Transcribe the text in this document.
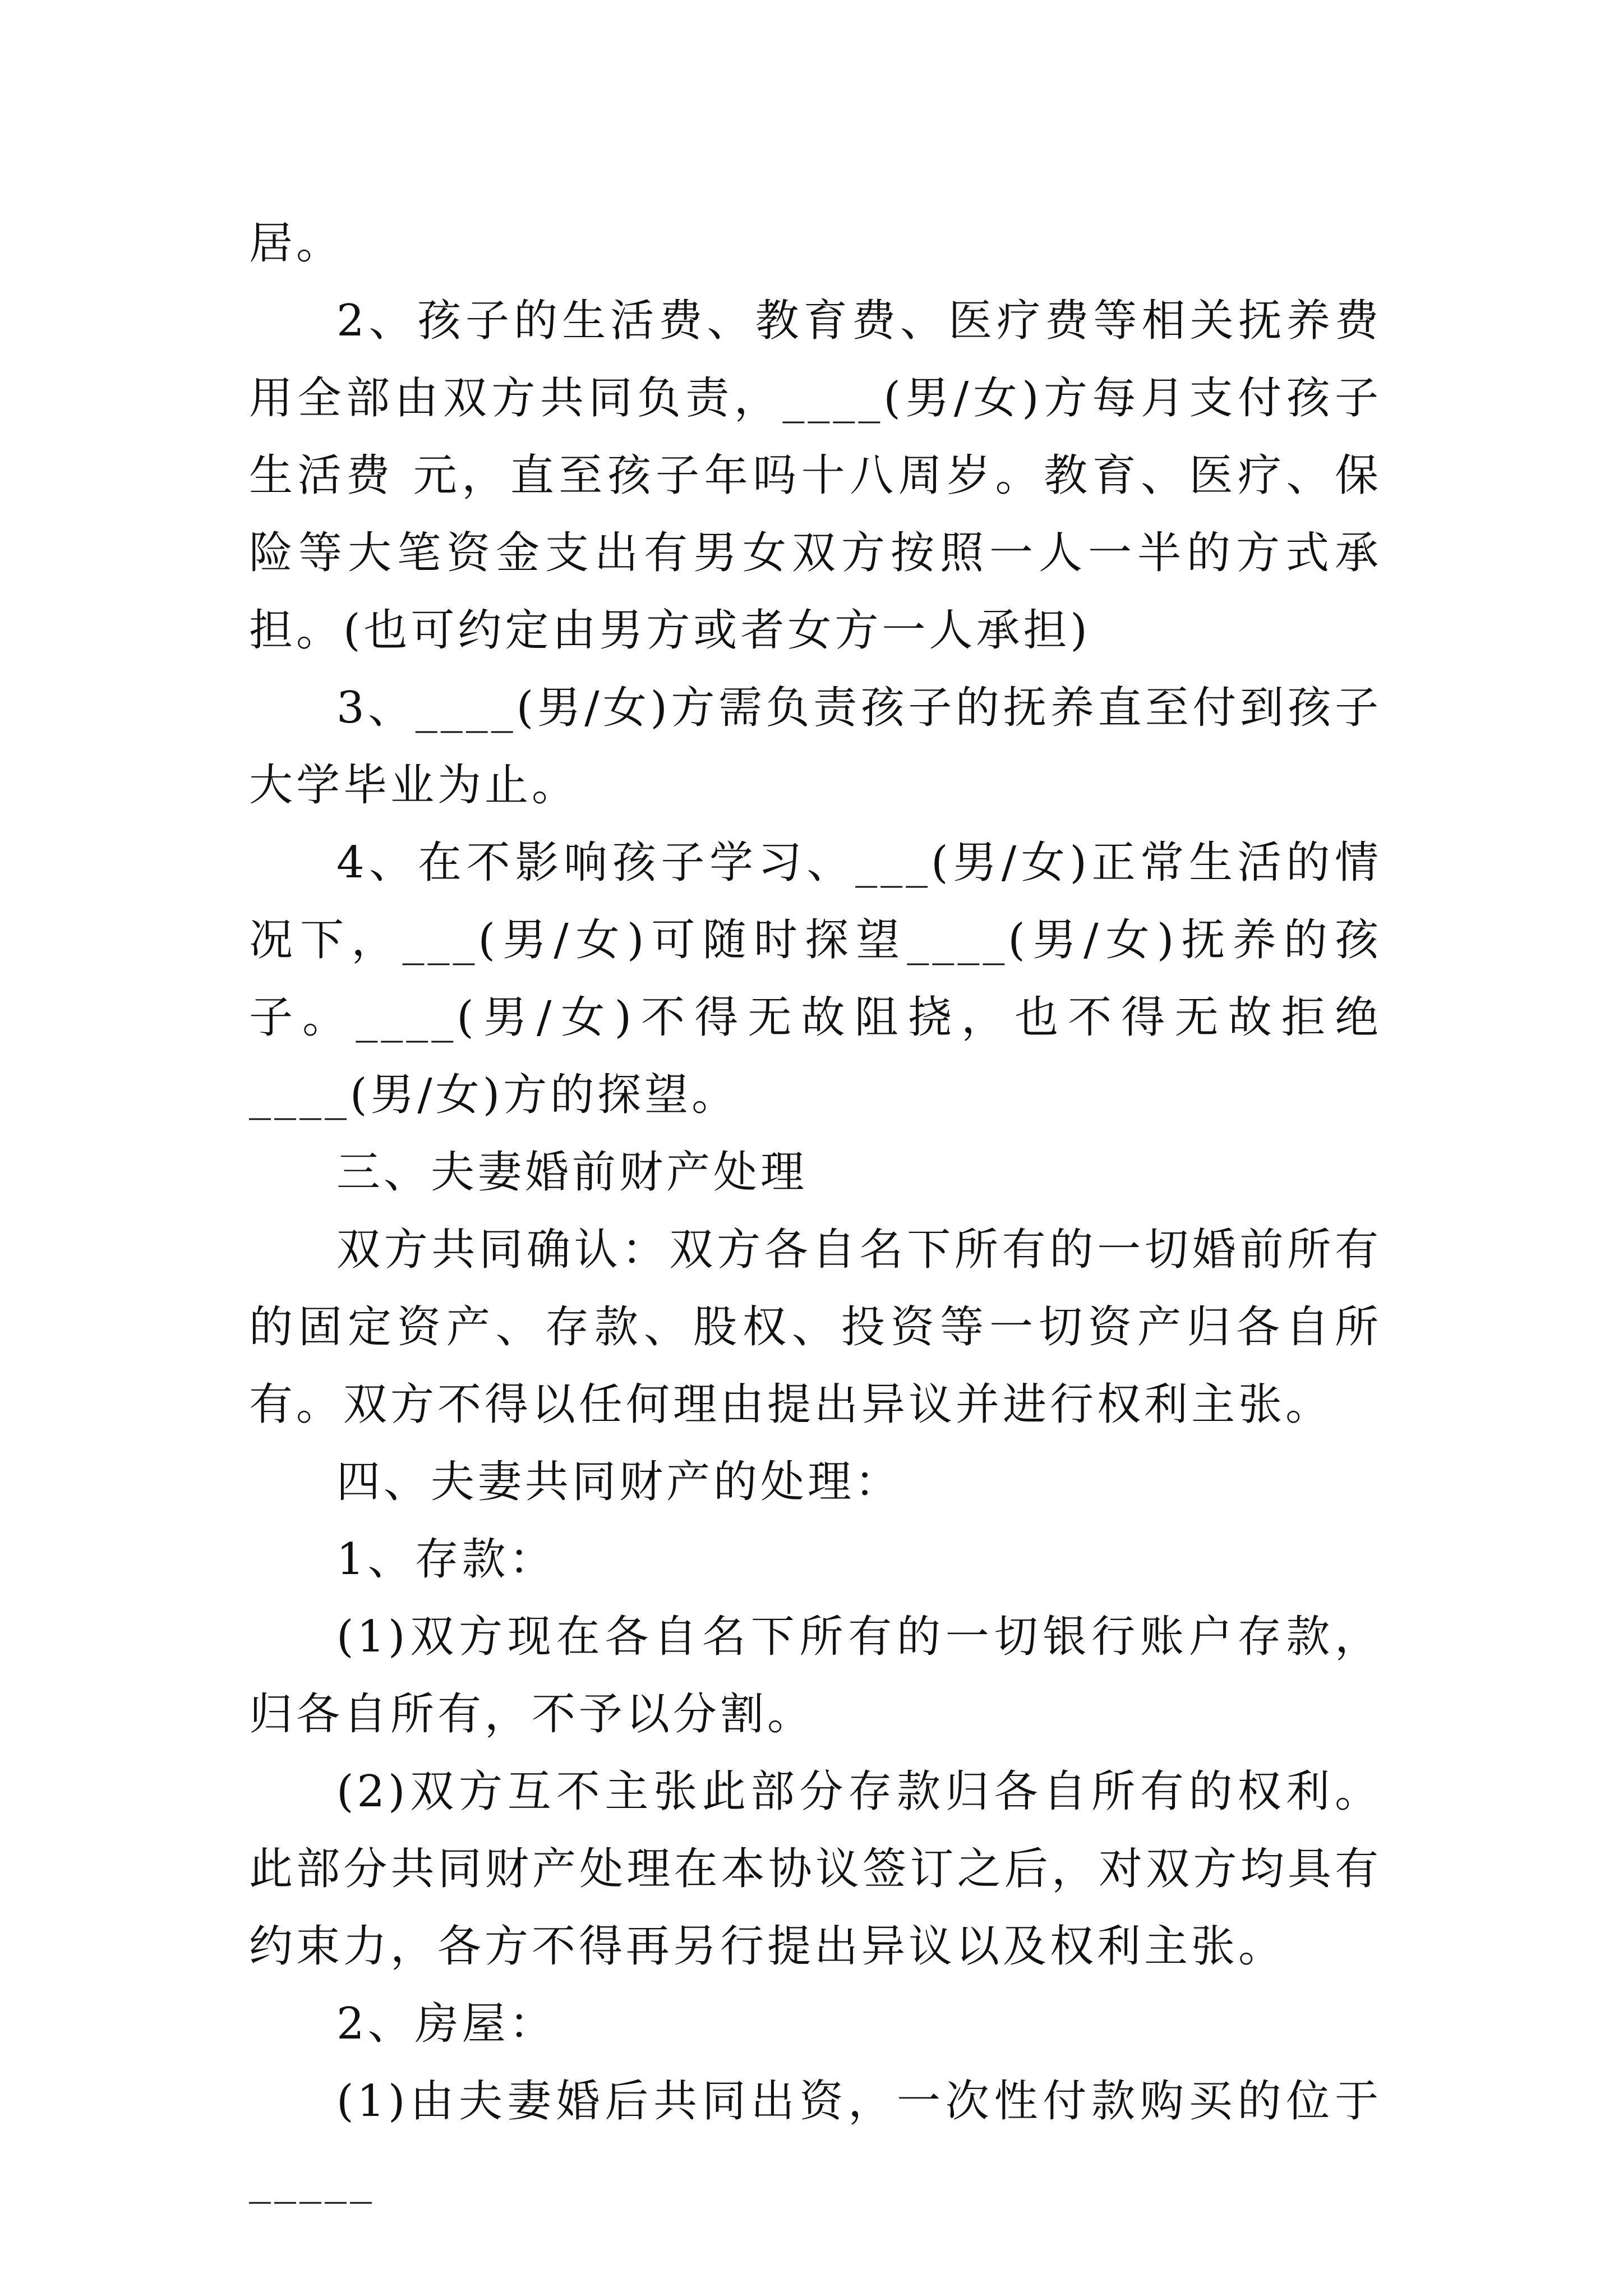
居。

2、孩子的生活费、教育费、医疗费等相关抚养费用全部由双方共同负责，____(男/女)方每月支付孩子生活费 元，直至孩子年吗十八周岁。教育、医疗、保险等大笔资金支出有男女双方按照一人一半的方式承担。(也可约定由男方或者女方一人承担)

3、____(男/女)方需负责孩子的抚养直至付到孩子大学毕业为止。

4、在不影响孩子学习、___(男/女)正常生活的情况下，___(男/女)可随时探望____(男/女)抚养的孩子。____(男/女)不得无故阻挠，也不得无故拒绝____(男/女)方的探望。

三、夫妻婚前财产处理

双方共同确认：双方各自名下所有的一切婚前所有的固定资产、存款、股权、投资等一切资产归各自所有。双方不得以任何理由提出异议并进行权利主张。

四、夫妻共同财产的处理：

1、存款：

(1)双方现在各自名下所有的一切银行账户存款，归各自所有，不予以分割。

(2)双方互不主张此部分存款归各自所有的权利。此部分共同财产处理在本协议签订之后，对双方均具有约束力，各方不得再另行提出异议以及权利主张。

2、房屋：

(1)由夫妻婚后共同出资，一次性付款购买的位于_____
